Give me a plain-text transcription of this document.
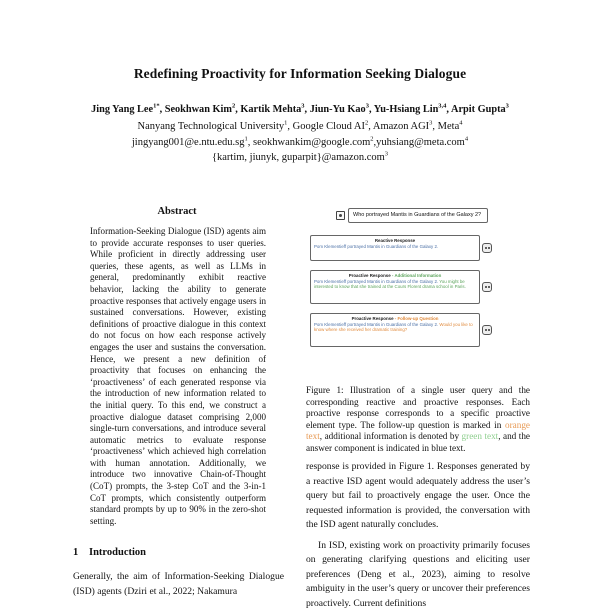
Redefining Proactivity for Information Seeking Dialogue
Jing Yang Lee$^{1*}$, Seokhwan Kim$^2$, Kartik Mehta$^3$, Jiun-Yu Kao$^3$, Yu-Hsiang Lin$^{3,4}$, Arpit Gupta$^3$
Nanyang Technological University$^1$, Google Cloud $AI^2$, Amazon AGI$^3$, Meta$^4$
$jingyang001@e.ntu.edu.sg^1$, seokhwankim@google.com$^2$,yuhsiang@meta.com$^4$
{kartim, jiunyk, guparpit}@amazon.com$^3$
Abstract
Information-Seeking Dialogue (ISD) agents aim to provide accurate responses to user queries. While proficient in directly addressing user queries, these agents, as well as LLMs in general, predominantly exhibit reactive behavior, lacking the ability to generate proactive responses that actively engage users in sustained conversations. However, existing definitions of proactive dialogue in this context do not focus on how each response actively engages the user and sustains the conversation. Hence, we present a new definition of proactivity that focuses on enhancing the ‘proactiveness’ of each generated response via the introduction of new information related to the initial query. To this end, we construct a proactive dialogue dataset comprising 2,000 single-turn conversations, and introduce several automatic metrics to evaluate response ‘proactiveness’ which achieved high correlation with human annotation. Additionally, we introduce two innovative Chain-of-Thought (CoT) prompts, the 3-step CoT and the 3-in-1 CoT prompts, which consistently outperform standard prompts by up to 90% in the zero-shot setting.
1 Introduction
Generally, the aim of Information-Seeking Dialogue (ISD) agents (Dziri et al., 2022; Nakamura
Who portrayed Mantis in Guardians of the Galaxy 2?
Reactive Response
Pom Klementieff portrayed Mantis in Guardians of the Galaxy 2.
Proactive Response - Additional Information
Pom Klementieff portrayed Mantis in Guardians of the Galaxy 2. You might be interested to know that she trained at the Cours Florent drama school in Paris.
Proactive Response - Follow-up Question
Pom Klementieff portrayed Mantis in Guardians of the Galaxy 2. Would you like to know where she received her dramatic training?
Figure 1: Illustration of a single user query and the corresponding reactive and proactive responses. Each proactive response corresponds to a specific proactive element type. The follow-up question is marked in orange text, additional information is denoted by green text, and the answer component is indicated in blue text.

response is provided in Figure 1. Responses generated by a reactive ISD agent would adequately address the user’s query but fail to proactively engage the user. Once the requested information is provided, the conversation with the ISD agent naturally concludes.

In ISD, existing work on proactivity primarily focuses on generating clarifying questions and eliciting user preferences (Deng et al., 2023), aiming to resolve ambiguity in the user’s query or uncover their preferences proactively. Current definitions
